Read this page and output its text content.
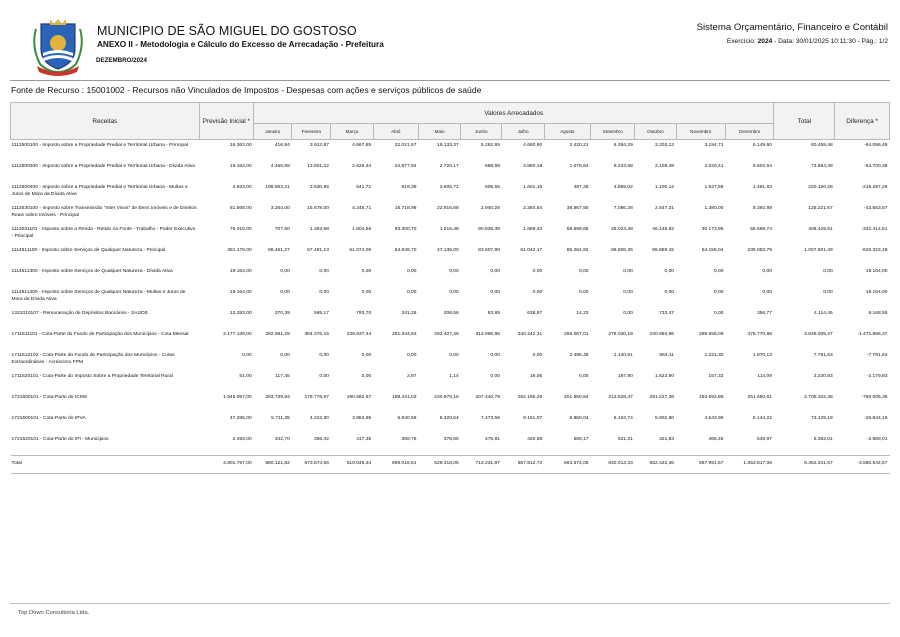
MUNICIPIO DE SÃO MIGUEL DO GOSTOSO
ANEXO II - Metodologia e Cálculo do Excesso de Arrecadação - Prefeitura
DEZEMBRO/2024
Sistema Orçamentário, Financeiro e Contábil
Exercício: 2024 - Data: 30/01/2025 10:11:30 - Pág.: 1/2
Fonte de Recurso : 15001002 - Recursos não Vinculados de Impostos - Despesas com ações e serviços públicos de saúde
Receitas	Previsão Inicial *	Valores Arrecadados												Total	Diferença *
		Janeiro	Fevereiro	Março	Abril	Maio	Junho	Julho	Agosto	Setembro	Outubro	Novembro	Dezembro		
1112500100 - Imposto sobre a Propriedade Predial e Territorial Urbana - Principal	16.362,00	416,94	3.912,87	4.667,85	22.021,67	19.133,37	5.262,95	4.680,90	2.420,21	6.394,29	3.203,12	3.194,71	5.149,60	80.458,48	-64.096,48
1112500300 - Imposto sobre a Propriedade Predial e Territorial Urbana - Dívida Ativa	19.164,00	4.455,68	13.601,22	2.626,34	24.877,94	2.720,17	698,99	3.850,18	1.078,64	9.223,68	2.108,49	2.020,41	6.602,64	73.864,38	-54.700,38
1112500400 - Imposto sobre a Propriedade Predial e Territorial Urbana - Multas e Juros de Mora da Dívida Ativa	3.833,00	199.853,21	3.530,95	541,71	919,39	3.606,71	605,55	1.601,15	487,26	4.855,02	1.100,12	1.527,58	1.491,63	220.120,28	-216.287,28
1112530100 - Imposto sobre Transmissão "Inter Vivos" de Bens Imóveis e de Direitos Reais sobre Imóveis - Principal	81.568,00	3.264,00	15.678,00	4.245,71	15.718,98	22.915,68	2.940,28	2.384,64	38.667,90	7.086,28	2.547,31	1.380,00	8.392,89	125.221,67	-43.653,67
1113031101 - Imposto sobre a Renda - Retido na Fonte - Trabalho - Poder Executivo - Principal	76.015,00	707,60	1.363,68	1.604,56	93.300,70	1.516,48	90.635,39	1.689,43	59.698,68	25.023,48	46.145,82	30.173,95	56.569,74	408.429,51	-332.414,51
1114511100 - Imposto sobre Serviços de Qualquer Natureza - Principal	381.179,00	88.461,27	67.491,13	61.074,06	64.849,70	47.136,00	83.607,90	61.042,17	85.264,92	89.806,36	65.559,15	54.155,04	239.053,79	1.007.501,49	-626.322,49
1114511300 - Imposto sobre Serviços de Qualquer Natureza - Dívida Ativa	19.164,00	0,00	0,00	0,00	0,00	0,00	0,00	0,00	0,00	0,00	0,00	0,00	0,00	0,00	19.164,00
1114511400 - Imposto sobre Serviços de Qualquer Natureza - Multas e Juros de Mora da Dívida Ativa	19.164,00	0,00	0,00	0,00	0,00	0,00	0,00	0,00	0,00	0,00	0,00	0,00	0,00	0,00	19.164,00
1321010107 - Remuneração de Depósitos Bancários - SAÚDE	13.283,00	370,39	565,17	793,70	341,28	206,56	93,89	638,97	14,23	0,00	733,47	0,00	356,77	4.114,45	9.168,55
1711511101 - Cota-Parte do Fundo de Participação dos Municípios - Cota Mensal	2.177.139,00	282.681,29	384.376,15	239.637,44	251.344,63	292.407,46	313.996,86	340.242,31	265.067,01	276.030,19	230.894,96	295.556,09	476.770,98	3.649.005,37	-1.471.866,37
1711512102 - Cota-Parte do Fundo de Participação dos Municípios - Cotas Extraordinárias - Acréscimo FPM	0,00	0,00	0,00	0,00	0,00	0,00	0,00	0,00	2.495,48	1.140,61	954,11	1.221,30	1.970,13	7.781,63	-7.781,63
1711520101 - Cota-Parte do Imposto Sobre a Propriedade Territorial Rural	51,00	117,45	0,00	0,00	2,97	1,14	0,00	16,06	0,00	197,90	1.623,90	157,32	114,09	2.230,83	-2.179,83
1721500101 - Cota-Parte do ICMS	1.945.097,00	293.739,94	178.776,67	190.582,67	189.441,03	230.975,16	207.440,79	262.195,26	201.950,54	213.529,47	291.227,38	193.592,86	251.650,61	2.705.102,38	-760.005,38
1721500101 - Cota-Parte do IPVA	47.285,00	5.711,35	4.222,30	3.853,95	5.840,56	8.320,64	7.473,56	9.151,07	6.860,04	6.104,74	5.902,80	4.543,96	5.144,22	73.129,19	-25.844,19
1721520101 - Cota-Parte do IPI - Municípios	2.493,00	342,70	356,42	417,35	359,76	378,66	475,81	420,58	569,17	621,31	421,83	468,45	549,97	5.382,01	-2.889,01
Total	4.801.797,00	880.121,82	673.874,56	510.045,34	669.018,61	629.318,05	713.231,97	687.812,72	664.574,08	640.013,33	652.422,46	587.991,67	1.053.817,06	8.362.341,67	-3.560.544,67
Top Down Consultoria Ltda.
